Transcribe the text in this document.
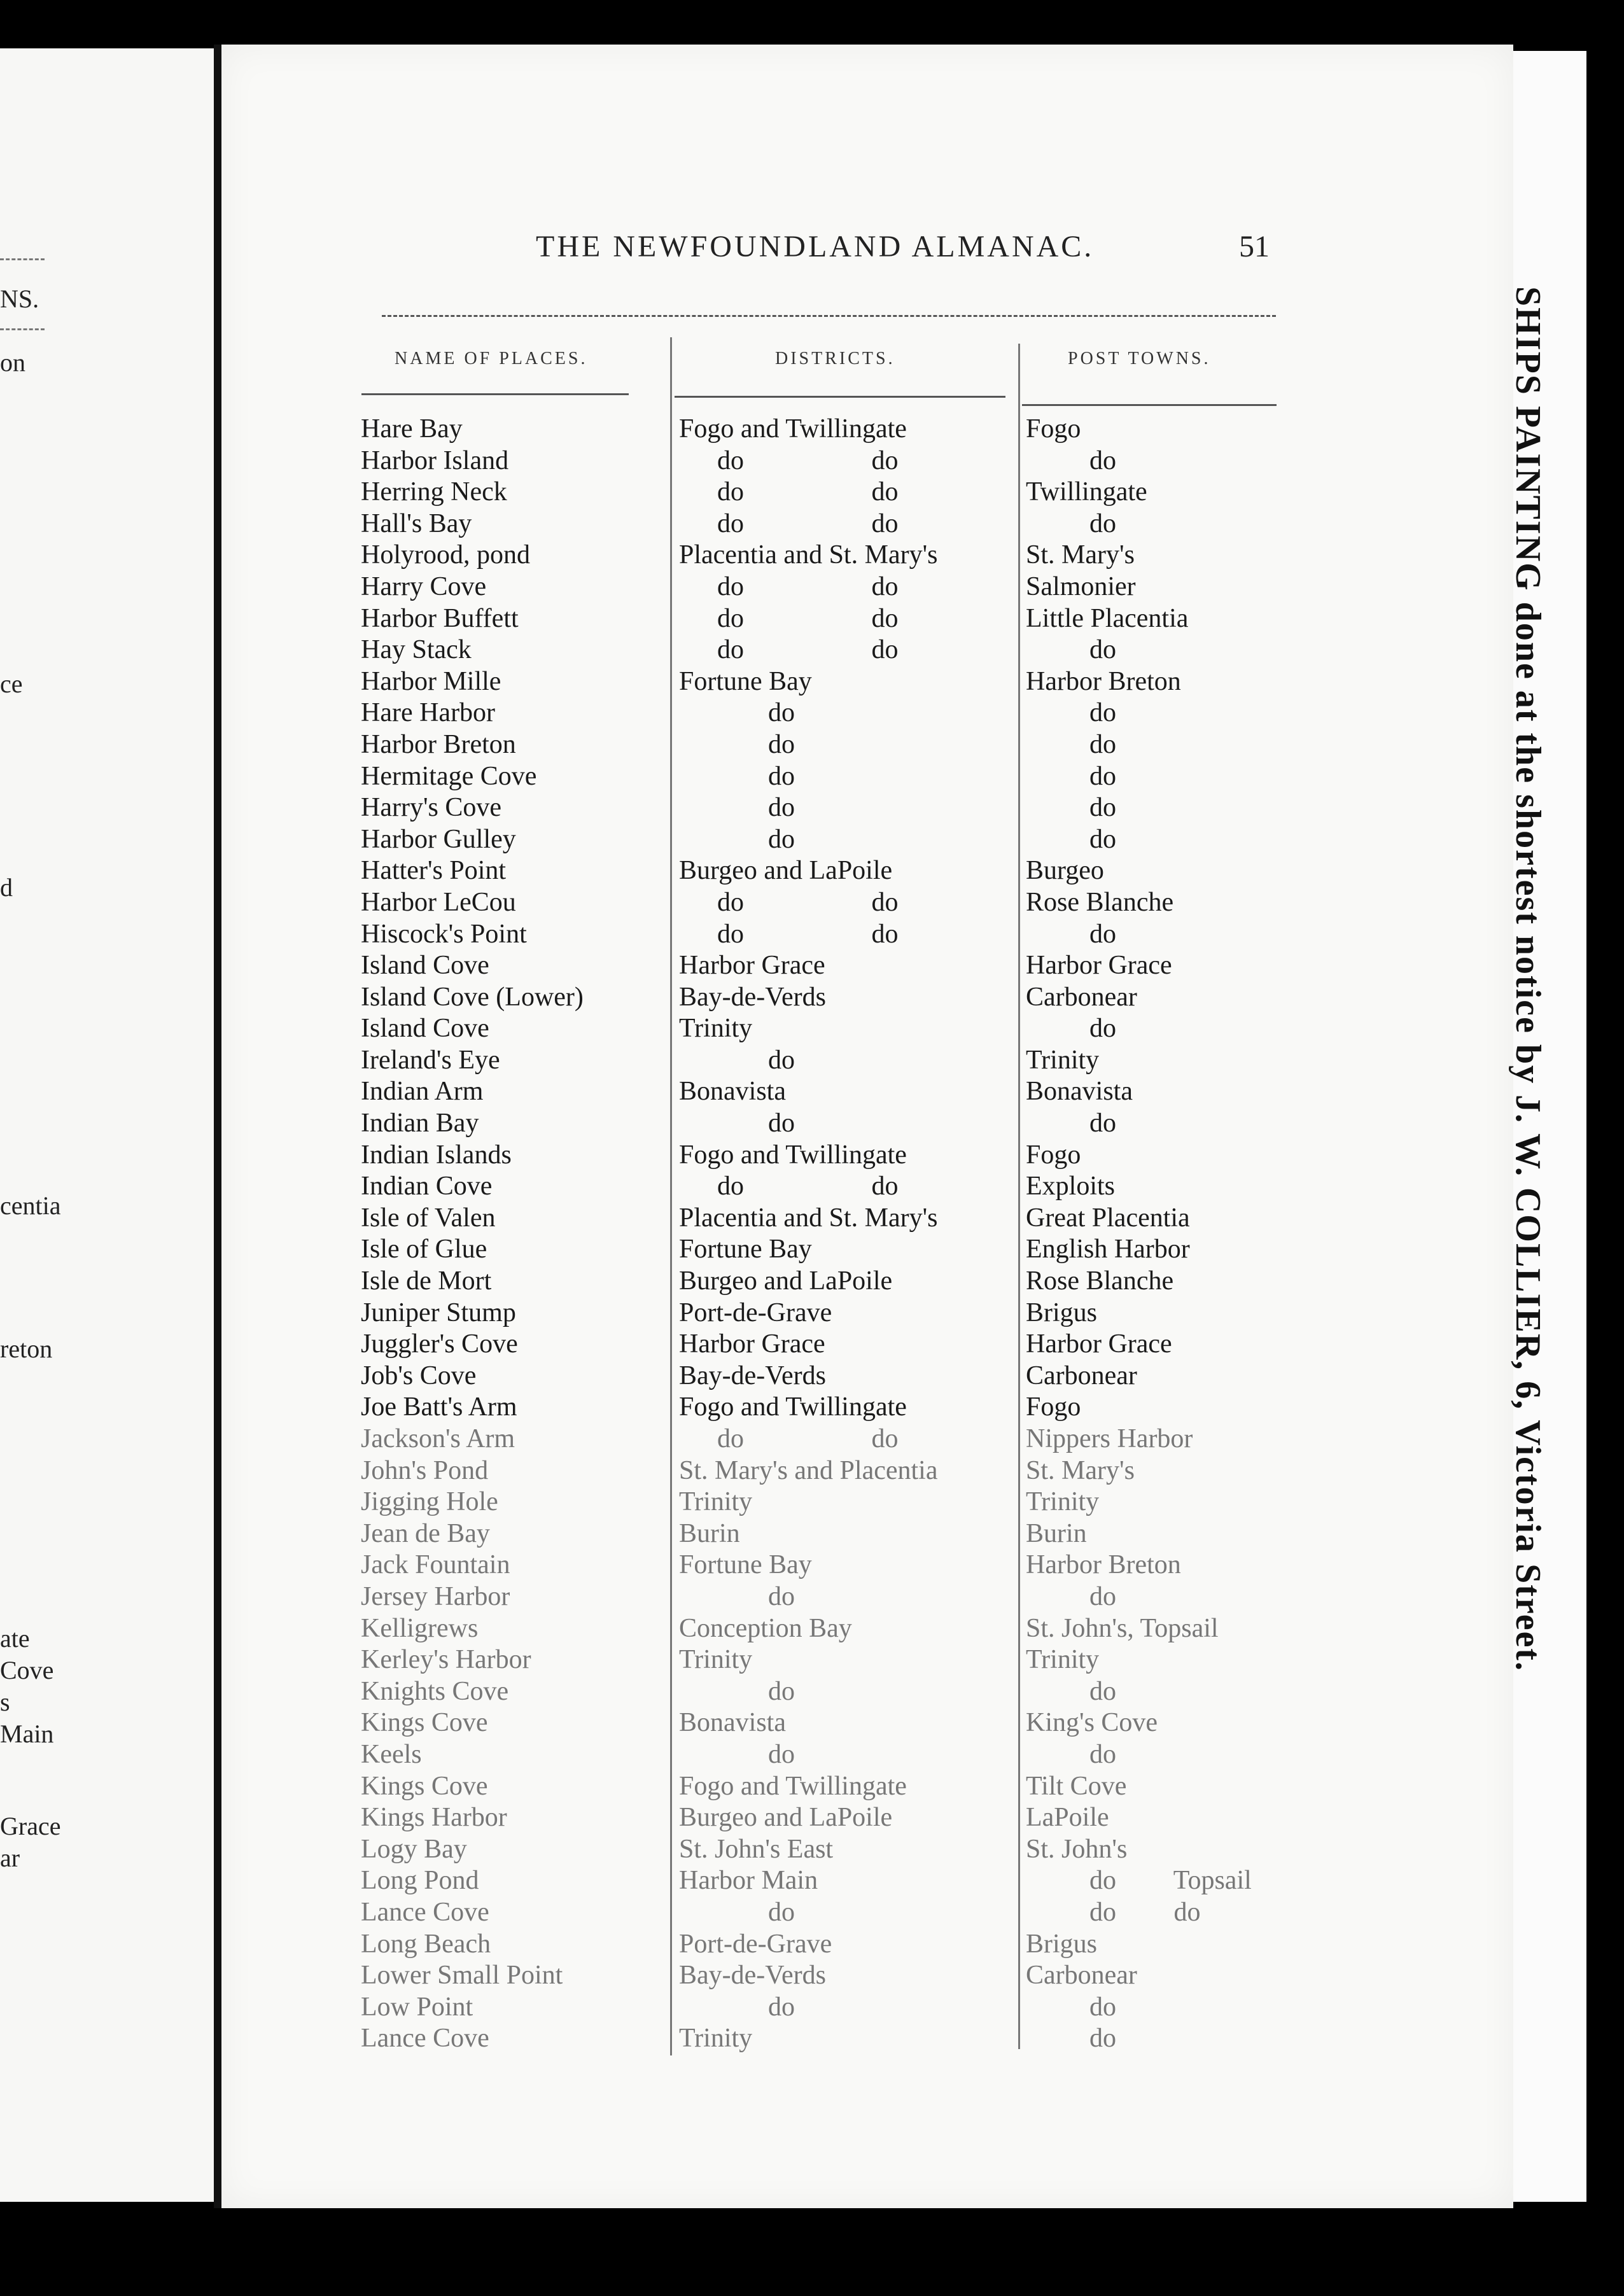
NS.
on
ce
d
centia
reton
ate
Cove
s
Main
Grace
ar
THE NEWFOUNDLAND ALMANAC.	51
NAME OF PLACES.	DISTRICTS.	POST TOWNS.
Hare Bay	Fogo and Twillingate	Fogo
Harbor Island	do do	do
Herring Neck	do do	Twillingate
Hall's Bay	do do	do
Holyrood, pond	Placentia and St. Mary's	St. Mary's
Harry Cove	do do	Salmonier
Harbor Buffett	do do	Little Placentia
Hay Stack	do do	do
Harbor Mille	Fortune Bay	Harbor Breton
Hare Harbor	do	do
Harbor Breton	do	do
Hermitage Cove	do	do
Harry's Cove	do	do
Harbor Gulley	do	do
Hatter's Point	Burgeo and LaPoile	Burgeo
Harbor LeCou	do do	Rose Blanche
Hiscock's Point	do do	do
Island Cove	Harbor Grace	Harbor Grace
Island Cove (Lower)	Bay-de-Verds	Carbonear
Island Cove	Trinity	do
Ireland's Eye	do	Trinity
Indian Arm	Bonavista	Bonavista
Indian Bay	do	do
Indian Islands	Fogo and Twillingate	Fogo
Indian Cove	do do	Exploits
Isle of Valen	Placentia and St. Mary's	Great Placentia
Isle of Glue	Fortune Bay	English Harbor
Isle de Mort	Burgeo and LaPoile	Rose Blanche
Juniper Stump	Port-de-Grave	Brigus
Juggler's Cove	Harbor Grace	Harbor Grace
Job's Cove	Bay-de-Verds	Carbonear
Joe Batt's Arm	Fogo and Twillingate	Fogo
Jackson's Arm	do do	Nippers Harbor
John's Pond	St. Mary's and Placentia	St. Mary's
Jigging Hole	Trinity	Trinity
Jean de Bay	Burin	Burin
Jack Fountain	Fortune Bay	Harbor Breton
Jersey Harbor	do	do
Kelligrews	Conception Bay	St. John's, Topsail
Kerley's Harbor	Trinity	Trinity
Knights Cove	do	do
Kings Cove	Bonavista	King's Cove
Keels	do	do
Kings Cove	Fogo and Twillingate	Tilt Cove
Kings Harbor	Burgeo and LaPoile	LaPoile
Logy Bay	St. John's East	St. John's
Long Pond	Harbor Main	do Topsail
Lance Cove	do	do do
Long Beach	Port-de-Grave	Brigus
Lower Small Point	Bay-de-Verds	Carbonear
Low Point	do	do
Lance Cove	Trinity	do
SHIPS PAINTING done at the shortest notice by J. W. COLLIER, 6, Victoria Street.
